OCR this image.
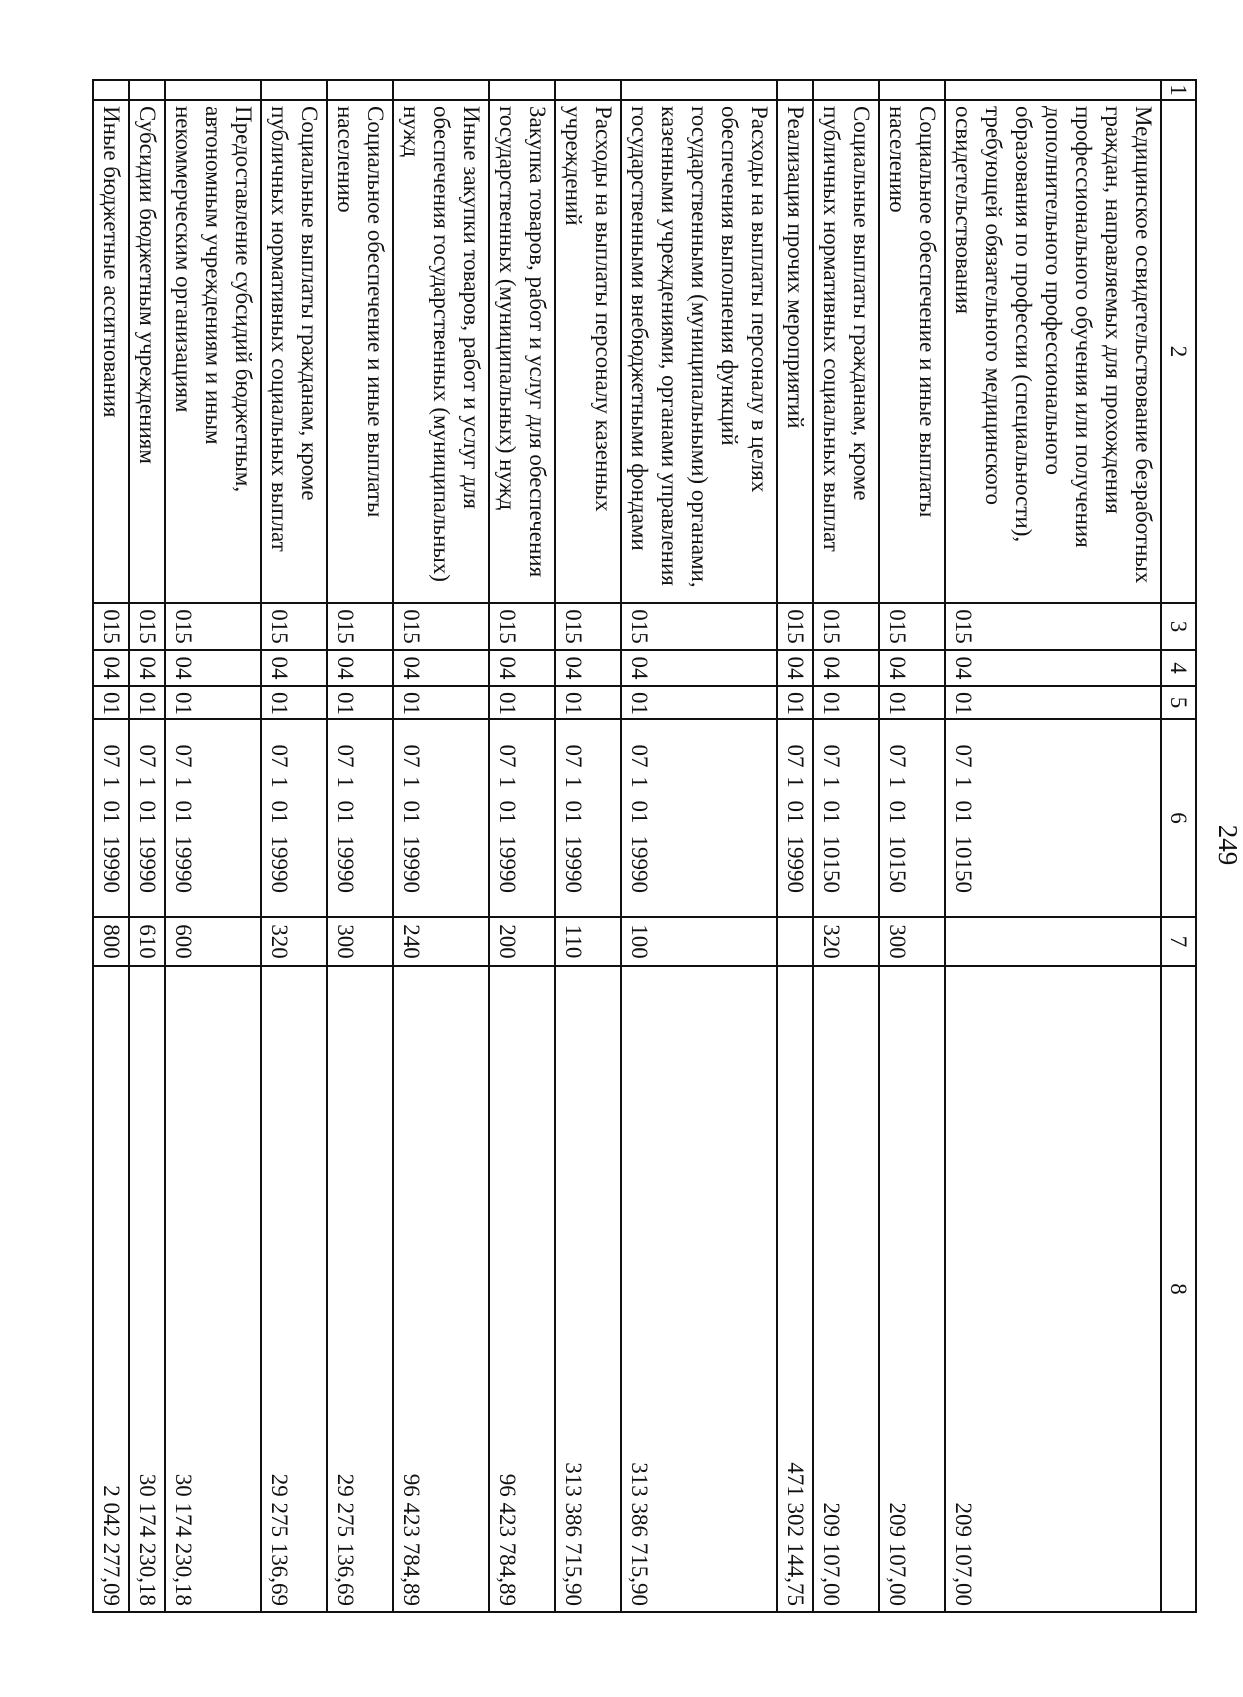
249
1	2	3	4	5	6	7	8
	Медицинское освидетельствование безработных граждан, направляемых для прохождения профессионального обучения или получения дополнительного профессионального образования по профессии (специальности), требующей обязательного медицинского освидетельствования	015	04	01	0710110150		209 107,00
	Социальное обеспечение и иные выплаты населению	015	04	01	0710110150	300	209 107,00
	Социальные выплаты гражданам, кроме публичных нормативных социальных выплат	015	04	01	0710110150	320	209 107,00
	Реализация прочих мероприятий	015	04	01	0710119990		471 302 144,75
	Расходы на выплаты персоналу в целях обеспечения выполнения функций государственными (муниципальными) органами, казенными учреждениями, органами управления государственными внебюджетными фондами	015	04	01	0710119990	100	313 386 715,90
	Расходы на выплаты персоналу казенных учреждений	015	04	01	0710119990	110	313 386 715,90
	Закупка товаров, работ и услуг для обеспечения государственных (муниципальных) нужд	015	04	01	0710119990	200	96 423 784,89
	Иные закупки товаров, работ и услуг для обеспечения государственных (муниципальных) нужд	015	04	01	0710119990	240	96 423 784,89
	Социальное обеспечение и иные выплаты населению	015	04	01	0710119990	300	29 275 136,69
	Социальные выплаты гражданам, кроме публичных нормативных социальных выплат	015	04	01	0710119990	320	29 275 136,69
	Предоставление субсидий бюджетным, автономным учреждениям и иным некоммерческим организациям	015	04	01	0710119990	600	30 174 230,18
	Субсидии бюджетным учреждениям	015	04	01	0710119990	610	30 174 230,18
	Иные бюджетные ассигнования	015	04	01	0710119990	800	2 042 277,09
